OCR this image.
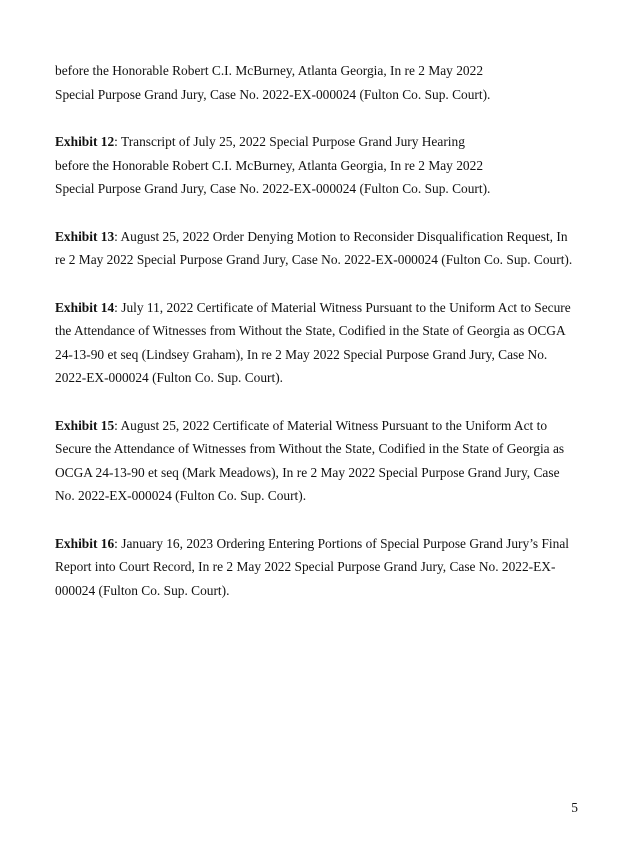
before the Honorable Robert C.I. McBurney, Atlanta Georgia, In re 2 May 2022
Special Purpose Grand Jury, Case No. 2022-EX-000024 (Fulton Co. Sup. Court).

Exhibit 12: Transcript of July 25, 2022 Special Purpose Grand Jury Hearing
before the Honorable Robert C.I. McBurney, Atlanta Georgia, In re 2 May 2022
Special Purpose Grand Jury, Case No. 2022-EX-000024 (Fulton Co. Sup. Court).

Exhibit 13: August 25, 2022 Order Denying Motion to Reconsider Disqualification Request, In
re 2 May 2022 Special Purpose Grand Jury, Case No. 2022-EX-000024 (Fulton Co. Sup. Court).

Exhibit 14: July 11, 2022 Certificate of Material Witness Pursuant to the Uniform Act to Secure
the Attendance of Witnesses from Without the State, Codified in the State of Georgia as OCGA
24-13-90 et seq (Lindsey Graham), In re 2 May 2022 Special Purpose Grand Jury, Case No.
2022-EX-000024 (Fulton Co. Sup. Court).

Exhibit 15: August 25, 2022 Certificate of Material Witness Pursuant to the Uniform Act to
Secure the Attendance of Witnesses from Without the State, Codified in the State of Georgia as
OCGA 24-13-90 et seq (Mark Meadows), In re 2 May 2022 Special Purpose Grand Jury, Case
No. 2022-EX-000024 (Fulton Co. Sup. Court).

Exhibit 16: January 16, 2023 Ordering Entering Portions of Special Purpose Grand Jury’s Final
Report into Court Record, In re 2 May 2022 Special Purpose Grand Jury, Case No. 2022-EX-
000024 (Fulton Co. Sup. Court).

5
